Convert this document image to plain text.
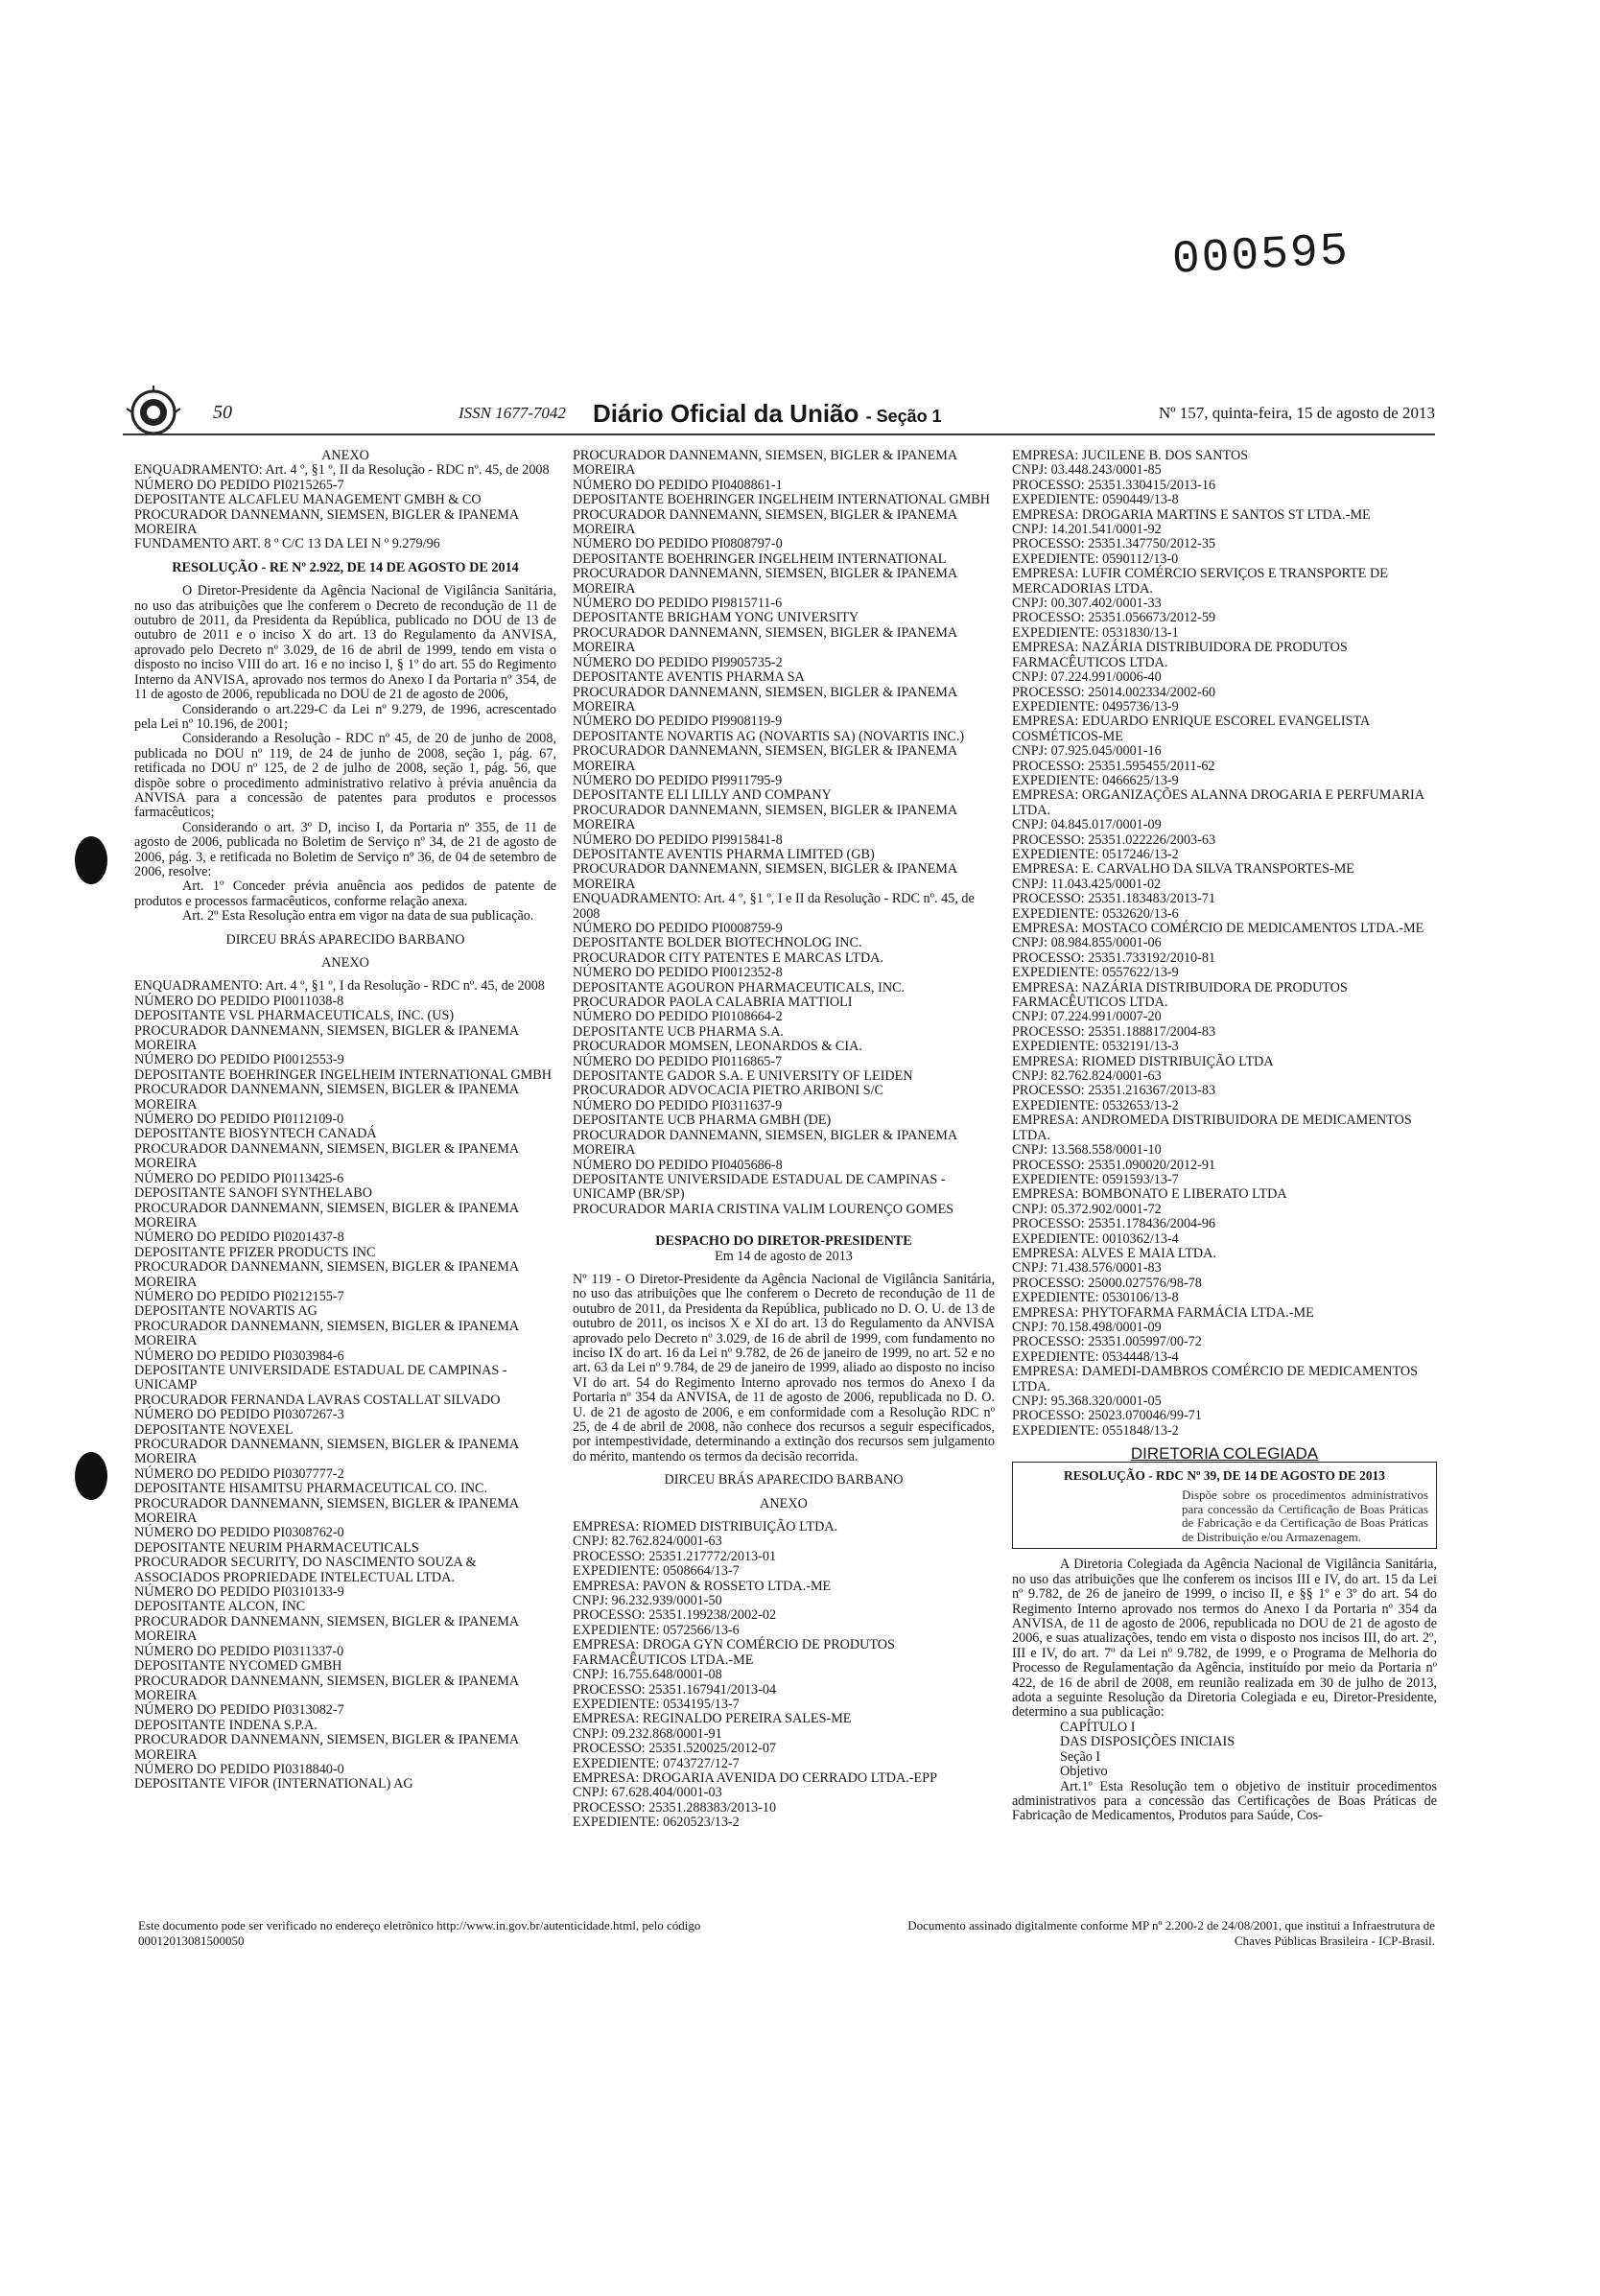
000595
50	ISSN 1677-7042 Diário Oficial da União - Seção 1	Nº 157, quinta-feira, 15 de agosto de 2013

ANEXO

ENQUADRAMENTO: Art. 4 º, §1 º, II da Resolução - RDC nº. 45, de 2008

NÚMERO DO PEDIDO PI0215265-7

DEPOSITANTE ALCAFLEU MANAGEMENT GMBH & CO

PROCURADOR DANNEMANN, SIEMSEN, BIGLER & IPANEMA MOREIRA

FUNDAMENTO ART. 8 º C/C 13 DA LEI N º 9.279/96

RESOLUÇÃO - RE Nº 2.922, DE 14 DE AGOSTO DE 2014

O Diretor-Presidente da Agência Nacional de Vigilância Sanitária, no uso das atribuições que lhe conferem o Decreto de recondução de 11 de outubro de 2011, da Presidenta da República, publicado no DOU de 13 de outubro de 2011 e o inciso X do art. 13 do Regulamento da ANVISA, aprovado pelo Decreto nº 3.029, de 16 de abril de 1999, tendo em vista o disposto no inciso VIII do art. 16 e no inciso I, § 1º do art. 55 do Regimento Interno da ANVISA, aprovado nos termos do Anexo I da Portaria nº 354, de 11 de agosto de 2006, republicada no DOU de 21 de agosto de 2006,

Considerando o art.229-C da Lei nº 9.279, de 1996, acrescentado pela Lei nº 10.196, de 2001;

Considerando a Resolução - RDC nº 45, de 20 de junho de 2008, publicada no DOU nº 119, de 24 de junho de 2008, seção 1, pág. 67, retificada no DOU nº 125, de 2 de julho de 2008, seção 1, pág. 56, que dispõe sobre o procedimento administrativo relativo à prévia anuência da ANVISA para a concessão de patentes para produtos e processos farmacêuticos;

Considerando o art. 3º D, inciso I, da Portaria nº 355, de 11 de agosto de 2006, publicada no Boletim de Serviço nº 34, de 21 de agosto de 2006, pág. 3, e retificada no Boletim de Serviço nº 36, de 04 de setembro de 2006, resolve:

Art. 1º Conceder prévia anuência aos pedidos de patente de produtos e processos farmacêuticos, conforme relação anexa.

Art. 2º Esta Resolução entra em vigor na data de sua publicação.

DIRCEU BRÁS APARECIDO BARBANO

ANEXO

ENQUADRAMENTO: Art. 4 º, §1 º, I da Resolução - RDC nº. 45, de 2008

NÚMERO DO PEDIDO PI0011038-8

DEPOSITANTE VSL PHARMACEUTICALS, INC. (US)

PROCURADOR DANNEMANN, SIEMSEN, BIGLER & IPANEMA MOREIRA

NÚMERO DO PEDIDO PI0012553-9

DEPOSITANTE BOEHRINGER INGELHEIM INTERNATIONAL GMBH

PROCURADOR DANNEMANN, SIEMSEN, BIGLER & IPANEMA MOREIRA

NÚMERO DO PEDIDO PI0112109-0

DEPOSITANTE BIOSYNTECH CANADÁ

PROCURADOR DANNEMANN, SIEMSEN, BIGLER & IPANEMA MOREIRA

NÚMERO DO PEDIDO PI0113425-6

DEPOSITANTE SANOFI SYNTHELABO

PROCURADOR DANNEMANN, SIEMSEN, BIGLER & IPANEMA MOREIRA

NÚMERO DO PEDIDO PI0201437-8

DEPOSITANTE PFIZER PRODUCTS INC

PROCURADOR DANNEMANN, SIEMSEN, BIGLER & IPANEMA MOREIRA

NÚMERO DO PEDIDO PI0212155-7

DEPOSITANTE NOVARTIS AG

PROCURADOR DANNEMANN, SIEMSEN, BIGLER & IPANEMA MOREIRA

NÚMERO DO PEDIDO PI0303984-6

DEPOSITANTE UNIVERSIDADE ESTADUAL DE CAMPINAS - UNICAMP

PROCURADOR FERNANDA LAVRAS COSTALLAT SILVADO

NÚMERO DO PEDIDO PI0307267-3

DEPOSITANTE NOVEXEL

PROCURADOR DANNEMANN, SIEMSEN, BIGLER & IPANEMA MOREIRA

NÚMERO DO PEDIDO PI0307777-2

DEPOSITANTE HISAMITSU PHARMACEUTICAL CO. INC.

PROCURADOR DANNEMANN, SIEMSEN, BIGLER & IPANEMA MOREIRA

NÚMERO DO PEDIDO PI0308762-0

DEPOSITANTE NEURIM PHARMACEUTICALS

PROCURADOR SECURITY, DO NASCIMENTO SOUZA & ASSOCIADOS PROPRIEDADE INTELECTUAL LTDA.

NÚMERO DO PEDIDO PI0310133-9

DEPOSITANTE ALCON, INC

PROCURADOR DANNEMANN, SIEMSEN, BIGLER & IPANEMA MOREIRA

NÚMERO DO PEDIDO PI0311337-0

DEPOSITANTE NYCOMED GMBH

PROCURADOR DANNEMANN, SIEMSEN, BIGLER & IPANEMA MOREIRA

NÚMERO DO PEDIDO PI0313082-7

DEPOSITANTE INDENA S.P.A.

PROCURADOR DANNEMANN, SIEMSEN, BIGLER & IPANEMA MOREIRA

NÚMERO DO PEDIDO PI0318840-0

DEPOSITANTE VIFOR (INTERNATIONAL) AG

PROCURADOR DANNEMANN, SIEMSEN, BIGLER & IPANEMA MOREIRA

NÚMERO DO PEDIDO PI0408861-1

DEPOSITANTE BOEHRINGER INGELHEIM INTERNATIONAL GMBH

PROCURADOR DANNEMANN, SIEMSEN, BIGLER & IPANEMA MOREIRA

NÚMERO DO PEDIDO PI0808797-0

DEPOSITANTE BOEHRINGER INGELHEIM INTERNATIONAL

PROCURADOR DANNEMANN, SIEMSEN, BIGLER & IPANEMA MOREIRA

NÚMERO DO PEDIDO PI9815711-6

DEPOSITANTE BRIGHAM YONG UNIVERSITY

PROCURADOR DANNEMANN, SIEMSEN, BIGLER & IPANEMA MOREIRA

NÚMERO DO PEDIDO PI9905735-2

DEPOSITANTE AVENTIS PHARMA SA

PROCURADOR DANNEMANN, SIEMSEN, BIGLER & IPANEMA MOREIRA

NÚMERO DO PEDIDO PI9908119-9

DEPOSITANTE NOVARTIS AG (NOVARTIS SA) (NOVARTIS INC.)

PROCURADOR DANNEMANN, SIEMSEN, BIGLER & IPANEMA MOREIRA

NÚMERO DO PEDIDO PI9911795-9

DEPOSITANTE ELI LILLY AND COMPANY

PROCURADOR DANNEMANN, SIEMSEN, BIGLER & IPANEMA MOREIRA

NÚMERO DO PEDIDO PI9915841-8

DEPOSITANTE AVENTIS PHARMA LIMITED (GB)

PROCURADOR DANNEMANN, SIEMSEN, BIGLER & IPANEMA MOREIRA

ENQUADRAMENTO: Art. 4 º, §1 º, I e II da Resolução - RDC nº. 45, de 2008

NÚMERO DO PEDIDO PI0008759-9

DEPOSITANTE BOLDER BIOTECHNOLOG INC.

PROCURADOR CITY PATENTES E MARCAS LTDA.

NÚMERO DO PEDIDO PI0012352-8

DEPOSITANTE AGOURON PHARMACEUTICALS, INC.

PROCURADOR PAOLA CALABRIA MATTIOLI

NÚMERO DO PEDIDO PI0108664-2

DEPOSITANTE UCB PHARMA S.A.

PROCURADOR MOMSEN, LEONARDOS & CIA.

NÚMERO DO PEDIDO PI0116865-7

DEPOSITANTE GADOR S.A. E UNIVERSITY OF LEIDEN

PROCURADOR ADVOCACIA PIETRO ARIBONI S/C

NÚMERO DO PEDIDO PI0311637-9

DEPOSITANTE UCB PHARMA GMBH (DE)

PROCURADOR DANNEMANN, SIEMSEN, BIGLER & IPANEMA MOREIRA

NÚMERO DO PEDIDO PI0405686-8

DEPOSITANTE UNIVERSIDADE ESTADUAL DE CAMPINAS - UNICAMP (BR/SP)

PROCURADOR MARIA CRISTINA VALIM LOURENÇO GOMES

DESPACHO DO DIRETOR-PRESIDENTE

Em 14 de agosto de 2013

Nº 119 - O Diretor-Presidente da Agência Nacional de Vigilância Sanitária, no uso das atribuições que lhe conferem o Decreto de recondução de 11 de outubro de 2011, da Presidenta da República, publicado no D. O. U. de 13 de outubro de 2011, os incisos X e XI do art. 13 do Regulamento da ANVISA aprovado pelo Decreto nº 3.029, de 16 de abril de 1999, com fundamento no inciso IX do art. 16 da Lei nº 9.782, de 26 de janeiro de 1999, no art. 52 e no art. 63 da Lei nº 9.784, de 29 de janeiro de 1999, aliado ao disposto no inciso VI do art. 54 do Regimento Interno aprovado nos termos do Anexo I da Portaria nº 354 da ANVISA, de 11 de agosto de 2006, republicada no D. O. U. de 21 de agosto de 2006, e em conformidade com a Resolução RDC nº 25, de 4 de abril de 2008, não conhece dos recursos a seguir especificados, por intempestividade, determinando a extinção dos recursos sem julgamento do mérito, mantendo os termos da decisão recorrida.

DIRCEU BRÁS APARECIDO BARBANO

ANEXO

EMPRESA: RIOMED DISTRIBUIÇÃO LTDA.

CNPJ: 82.762.824/0001-63

PROCESSO: 25351.217772/2013-01

EXPEDIENTE: 0508664/13-7

EMPRESA: PAVON & ROSSETO LTDA.-ME

CNPJ: 96.232.939/0001-50

PROCESSO: 25351.199238/2002-02

EXPEDIENTE: 0572566/13-6

EMPRESA: DROGA GYN COMÉRCIO DE PRODUTOS FARMACÊUTICOS LTDA.-ME

CNPJ: 16.755.648/0001-08

PROCESSO: 25351.167941/2013-04

EXPEDIENTE: 0534195/13-7

EMPRESA: REGINALDO PEREIRA SALES-ME

CNPJ: 09.232.868/0001-91

PROCESSO: 25351.520025/2012-07

EXPEDIENTE: 0743727/12-7

EMPRESA: DROGARIA AVENIDA DO CERRADO LTDA.-EPP

CNPJ: 67.628.404/0001-03

PROCESSO: 25351.288383/2013-10

EXPEDIENTE: 0620523/13-2

EMPRESA: JUCILENE B. DOS SANTOS

CNPJ: 03.448.243/0001-85

PROCESSO: 25351.330415/2013-16

EXPEDIENTE: 0590449/13-8

EMPRESA: DROGARIA MARTINS E SANTOS ST LTDA.-ME

CNPJ: 14.201.541/0001-92

PROCESSO: 25351.347750/2012-35

EXPEDIENTE: 0590112/13-0

EMPRESA: LUFIR COMÉRCIO SERVIÇOS E TRANSPORTE DE MERCADORIAS LTDA.

CNPJ: 00.307.402/0001-33

PROCESSO: 25351.056673/2012-59

EXPEDIENTE: 0531830/13-1

EMPRESA: NAZÁRIA DISTRIBUIDORA DE PRODUTOS FARMACÊUTICOS LTDA.

CNPJ: 07.224.991/0006-40

PROCESSO: 25014.002334/2002-60

EXPEDIENTE: 0495736/13-9

EMPRESA: EDUARDO ENRIQUE ESCOREL EVANGELISTA COSMÉTICOS-ME

CNPJ: 07.925.045/0001-16

PROCESSO: 25351.595455/2011-62

EXPEDIENTE: 0466625/13-9

EMPRESA: ORGANIZAÇÕES ALANNA DROGARIA E PERFUMARIA LTDA.

CNPJ: 04.845.017/0001-09

PROCESSO: 25351.022226/2003-63

EXPEDIENTE: 0517246/13-2

EMPRESA: E. CARVALHO DA SILVA TRANSPORTES-ME

CNPJ: 11.043.425/0001-02

PROCESSO: 25351.183483/2013-71

EXPEDIENTE: 0532620/13-6

EMPRESA: MOSTACO COMÉRCIO DE MEDICAMENTOS LTDA.-ME

CNPJ: 08.984.855/0001-06

PROCESSO: 25351.733192/2010-81

EXPEDIENTE: 0557622/13-9

EMPRESA: NAZÁRIA DISTRIBUIDORA DE PRODUTOS FARMACÊUTICOS LTDA.

CNPJ: 07.224.991/0007-20

PROCESSO: 25351.188817/2004-83

EXPEDIENTE: 0532191/13-3

EMPRESA: RIOMED DISTRIBUIÇÃO LTDA

CNPJ: 82.762.824/0001-63

PROCESSO: 25351.216367/2013-83

EXPEDIENTE: 0532653/13-2

EMPRESA: ANDROMEDA DISTRIBUIDORA DE MEDICAMENTOS LTDA.

CNPJ: 13.568.558/0001-10

PROCESSO: 25351.090020/2012-91

EXPEDIENTE: 0591593/13-7

EMPRESA: BOMBONATO E LIBERATO LTDA

CNPJ: 05.372.902/0001-72

PROCESSO: 25351.178436/2004-96

EXPEDIENTE: 0010362/13-4

EMPRESA: ALVES E MAIA LTDA.

CNPJ: 71.438.576/0001-83

PROCESSO: 25000.027576/98-78

EXPEDIENTE: 0530106/13-8

EMPRESA: PHYTOFARMA FARMÁCIA LTDA.-ME

CNPJ: 70.158.498/0001-09

PROCESSO: 25351.005997/00-72

EXPEDIENTE: 0534448/13-4

EMPRESA: DAMEDI-DAMBROS COMÉRCIO DE MEDICAMENTOS LTDA.

CNPJ: 95.368.320/0001-05

PROCESSO: 25023.070046/99-71

EXPEDIENTE: 0551848/13-2

DIRETORIA COLEGIADA
RESOLUÇÃO - RDC Nº 39, DE 14 DE AGOSTO DE 2013
Dispõe sobre os procedimentos administrativos para concessão da Certificação de Boas Práticas de Fabricação e da Certificação de Boas Práticas de Distribuição e/ou Armazenagem.

A Diretoria Colegiada da Agência Nacional de Vigilância Sanitária, no uso das atribuições que lhe conferem os incisos III e IV, do art. 15 da Lei nº 9.782, de 26 de janeiro de 1999, o inciso II, e §§ 1º e 3º do art. 54 do Regimento Interno aprovado nos termos do Anexo I da Portaria nº 354 da ANVISA, de 11 de agosto de 2006, republicada no DOU de 21 de agosto de 2006, e suas atualizações, tendo em vista o disposto nos incisos III, do art. 2º, III e IV, do art. 7º da Lei nº 9.782, de 1999, e o Programa de Melhoria do Processo de Regulamentação da Agência, instituído por meio da Portaria nº 422, de 16 de abril de 2008, em reunião realizada em 30 de julho de 2013, adota a seguinte Resolução da Diretoria Colegiada e eu, Diretor-Presidente, determino a sua publicação:

CAPÍTULO I

DAS DISPOSIÇÕES INICIAIS

Seção I

Objetivo

Art.1º Esta Resolução tem o objetivo de instituir procedimentos administrativos para a concessão das Certificações de Boas Práticas de Fabricação de Medicamentos, Produtos para Saúde, Cos-

Este documento pode ser verificado no endereço eletrônico http://www.in.gov.br/autenticidade.html, pelo código 00012013081500050
Documento assinado digitalmente conforme MP nº 2.200-2 de 24/08/2001, que institui a Infraestrutura de Chaves Públicas Brasileira - ICP-Brasil.
